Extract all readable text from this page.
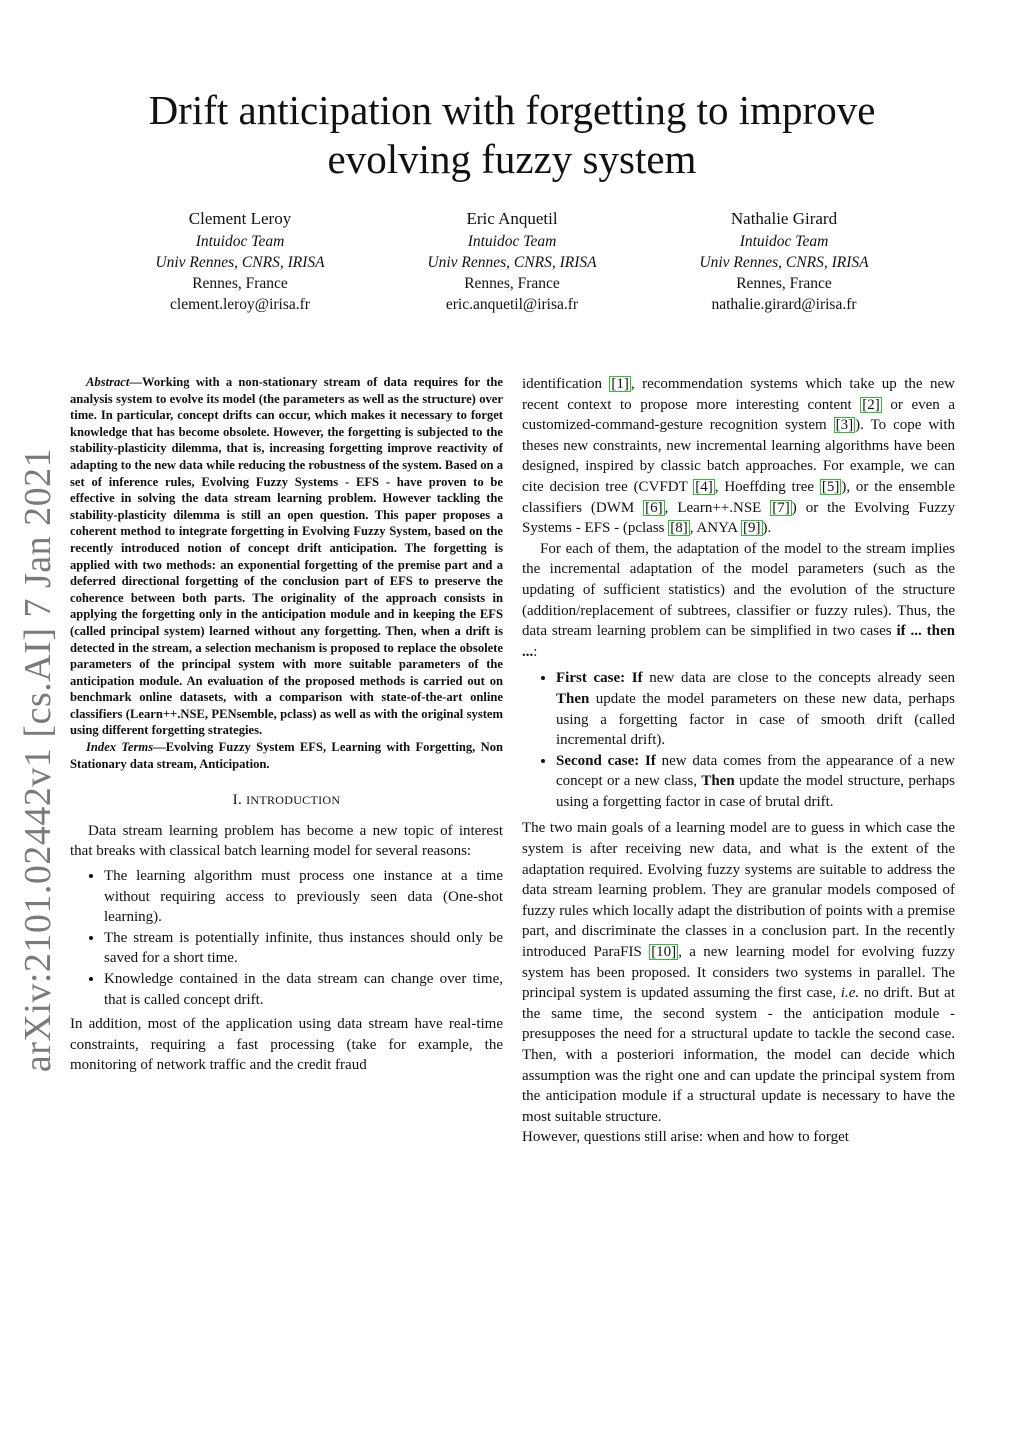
arXiv:2101.02442v1 [cs.AI] 7 Jan 2021
Drift anticipation with forgetting to improve
evolving fuzzy system
Clement Leroy
Intuidoc Team
Univ Rennes, CNRS, IRISA
Rennes, France
clement.leroy@irisa.fr
Eric Anquetil
Intuidoc Team
Univ Rennes, CNRS, IRISA
Rennes, France
eric.anquetil@irisa.fr
Nathalie Girard
Intuidoc Team
Univ Rennes, CNRS, IRISA
Rennes, France
nathalie.girard@irisa.fr

Abstract—Working with a non-stationary stream of data requires for the analysis system to evolve its model (the parameters as well as the structure) over time. In particular, concept drifts can occur, which makes it necessary to forget knowledge that has become obsolete. However, the forgetting is subjected to the stability-plasticity dilemma, that is, increasing forgetting improve reactivity of adapting to the new data while reducing the robustness of the system. Based on a set of inference rules, Evolving Fuzzy Systems - EFS - have proven to be effective in solving the data stream learning problem. However tackling the stability-plasticity dilemma is still an open question. This paper proposes a coherent method to integrate forgetting in Evolving Fuzzy System, based on the recently introduced notion of concept drift anticipation. The forgetting is applied with two methods: an exponential forgetting of the premise part and a deferred directional forgetting of the conclusion part of EFS to preserve the coherence between both parts. The originality of the approach consists in applying the forgetting only in the anticipation module and in keeping the EFS (called principal system) learned without any forgetting. Then, when a drift is detected in the stream, a selection mechanism is proposed to replace the obsolete parameters of the principal system with more suitable parameters of the anticipation module. An evaluation of the proposed methods is carried out on benchmark online datasets, with a comparison with state-of-the-art online classifiers (Learn++.NSE, PENsemble, pclass) as well as with the original system using different forgetting strategies.

Index Terms—Evolving Fuzzy System EFS, Learning with Forgetting, Non Stationary data stream, Anticipation.

I. INTRODUCTION

Data stream learning problem has become a new topic of interest that breaks with classical batch learning model for several reasons:

• The learning algorithm must process one instance at a time without requiring access to previously seen data (One-shot learning).
• The stream is potentially infinite, thus instances should only be saved for a short time.
• Knowledge contained in the data stream can change over time, that is called concept drift.

In addition, most of the application using data stream have real-time constraints, requiring a fast processing (take for example, the monitoring of network traffic and the credit fraud

identification [1] , recommendation systems which take up the new recent context to propose more interesting content [2] or even a customized-command-gesture recognition system [3] ). To cope with theses new constraints, new incremental learning algorithms have been designed, inspired by classic batch approaches. For example, we can cite decision tree (CVFDT [4] , Hoeffding tree [5] ), or the ensemble classifiers (DWM [6] , Learn++.NSE [7] ) or the Evolving Fuzzy Systems - EFS - (pclass [8] , ANYA [9] ).

For each of them, the adaptation of the model to the stream implies the incremental adaptation of the model parameters (such as the updating of sufficient statistics) and the evolution of the structure (addition/replacement of subtrees, classifier or fuzzy rules). Thus, the data stream learning problem can be simplified in two cases if ... then ...:

• First case: If new data are close to the concepts already seen Then update the model parameters on these new data, perhaps using a forgetting factor in case of smooth drift (called incremental drift).
• Second case: If new data comes from the appearance of a new concept or a new class, Then update the model structure, perhaps using a forgetting factor in case of brutal drift.

The two main goals of a learning model are to guess in which case the system is after receiving new data, and what is the extent of the adaptation required. Evolving fuzzy systems are suitable to address the data stream learning problem. They are granular models composed of fuzzy rules which locally adapt the distribution of points with a premise part, and discriminate the classes in a conclusion part. In the recently introduced ParaFIS [10] , a new learning model for evolving fuzzy system has been proposed. It considers two systems in parallel. The principal system is updated assuming the first case, i.e. no drift. But at the same time, the second system - the anticipation module - presupposes the need for a structural update to tackle the second case. Then, with a posteriori information, the model can decide which assumption was the right one and can update the principal system from the anticipation module if a structural update is necessary to have the most suitable structure.

However, questions still arise: when and how to forget
